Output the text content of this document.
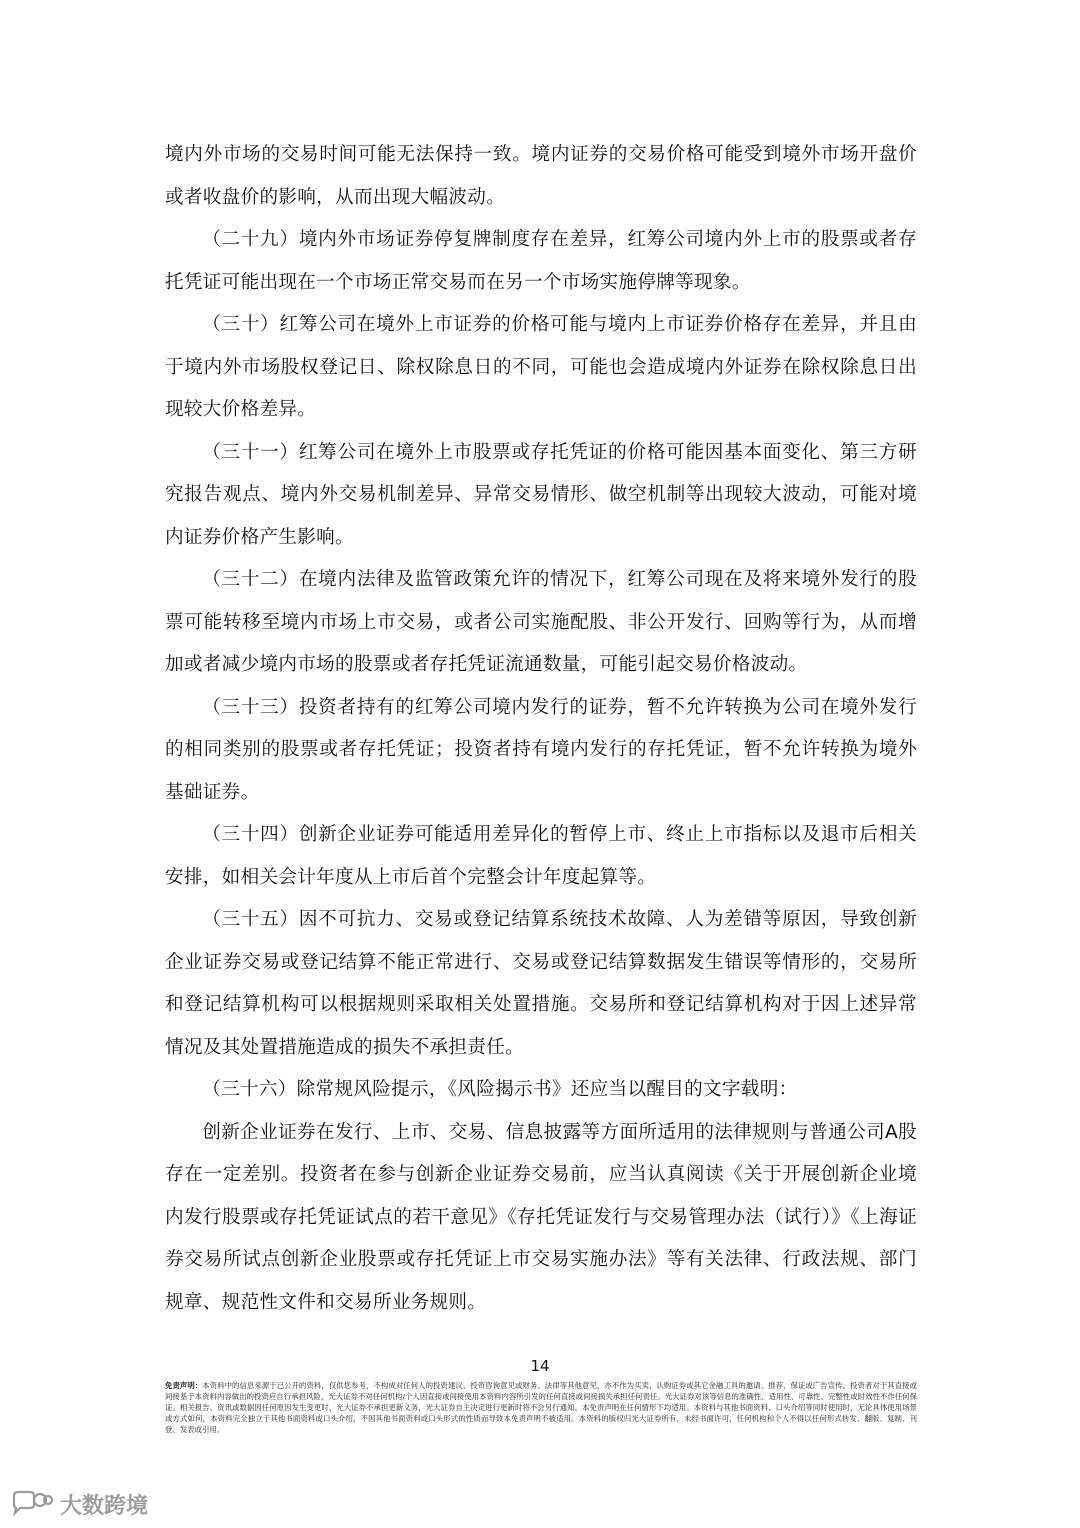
境内外市场的交易时间可能无法保持一致。境内证券的交易价格可能受到境外市场开盘价或者收盘价的影响，从而出现大幅波动。

（二十九）境内外市场证券停复牌制度存在差异，红筹公司境内外上市的股票或者存托凭证可能出现在一个市场正常交易而在另一个市场实施停牌等现象。

（三十）红筹公司在境外上市证券的价格可能与境内上市证券价格存在差异，并且由于境内外市场股权登记日、除权除息日的不同，可能也会造成境内外证券在除权除息日出现较大价格差异。

（三十一）红筹公司在境外上市股票或存托凭证的价格可能因基本面变化、第三方研究报告观点、境内外交易机制差异、异常交易情形、做空机制等出现较大波动，可能对境内证券价格产生影响。

（三十二）在境内法律及监管政策允许的情况下，红筹公司现在及将来境外发行的股票可能转移至境内市场上市交易，或者公司实施配股、非公开发行、回购等行为，从而增加或者减少境内市场的股票或者存托凭证流通数量，可能引起交易价格波动。

（三十三）投资者持有的红筹公司境内发行的证券，暂不允许转换为公司在境外发行的相同类别的股票或者存托凭证；投资者持有境内发行的存托凭证，暂不允许转换为境外基础证券。

（三十四）创新企业证券可能适用差异化的暂停上市、终止上市指标以及退市后相关安排，如相关会计年度从上市后首个完整会计年度起算等。

（三十五）因不可抗力、交易或登记结算系统技术故障、人为差错等原因，导致创新企业证券交易或登记结算不能正常进行、交易或登记结算数据发生错误等情形的，交易所和登记结算机构可以根据规则采取相关处置措施。交易所和登记结算机构对于因上述异常情况及其处置措施造成的损失不承担责任。

（三十六）除常规风险提示，《风险揭示书》还应当以醒目的文字载明：

创新企业证券在发行、上市、交易、信息披露等方面所适用的法律规则与普通公司A股存在一定差别。投资者在参与创新企业证券交易前，应当认真阅读《关于开展创新企业境内发行股票或存托凭证试点的若干意见》《存托凭证发行与交易管理办法（试行）》《上海证券交易所试点创新企业股票或存托凭证上市交易实施办法》等有关法律、行政法规、部门规章、规范性文件和交易所业务规则。

14
免责声明：本资料中的信息来源于已公开的资料，仅供您参考，不构成对任何人的投资建议、投资咨询意见或财务、法律等其他意见，亦不作为买卖、认购证券或其它金融工具的邀请、推荐、保证或广告宣传。投资者对于其直接或间接基于本资料内容做出的投资应自行承担风险，光大证券不对任何机构/个人因直接或间接使用本资料内容所引发的任何直接或间接损失承担任何责任。光大证券对该等信息的准确性、适用性、可靠性、完整性或时效性不作任何保证。相关报告、资讯或数据因任何原因发生变更时，光大证券不承担更新义务，光大证券自主决定进行更新时将不会另行通知。本免责声明在任何情形下均适用。本资料与其他书面资料、口头介绍等同时使用时，无论具体使用场景或方式如何，本资料完全独立于其他书面资料或口头介绍，不因其他书面资料或口头形式的性质而导致本免责声明不被适用。本资料的版权归光大证券所有，未经书面许可，任何机构和个人不得以任何形式转发、翻版、复制、刊登、发表或引用。
大数跨境
